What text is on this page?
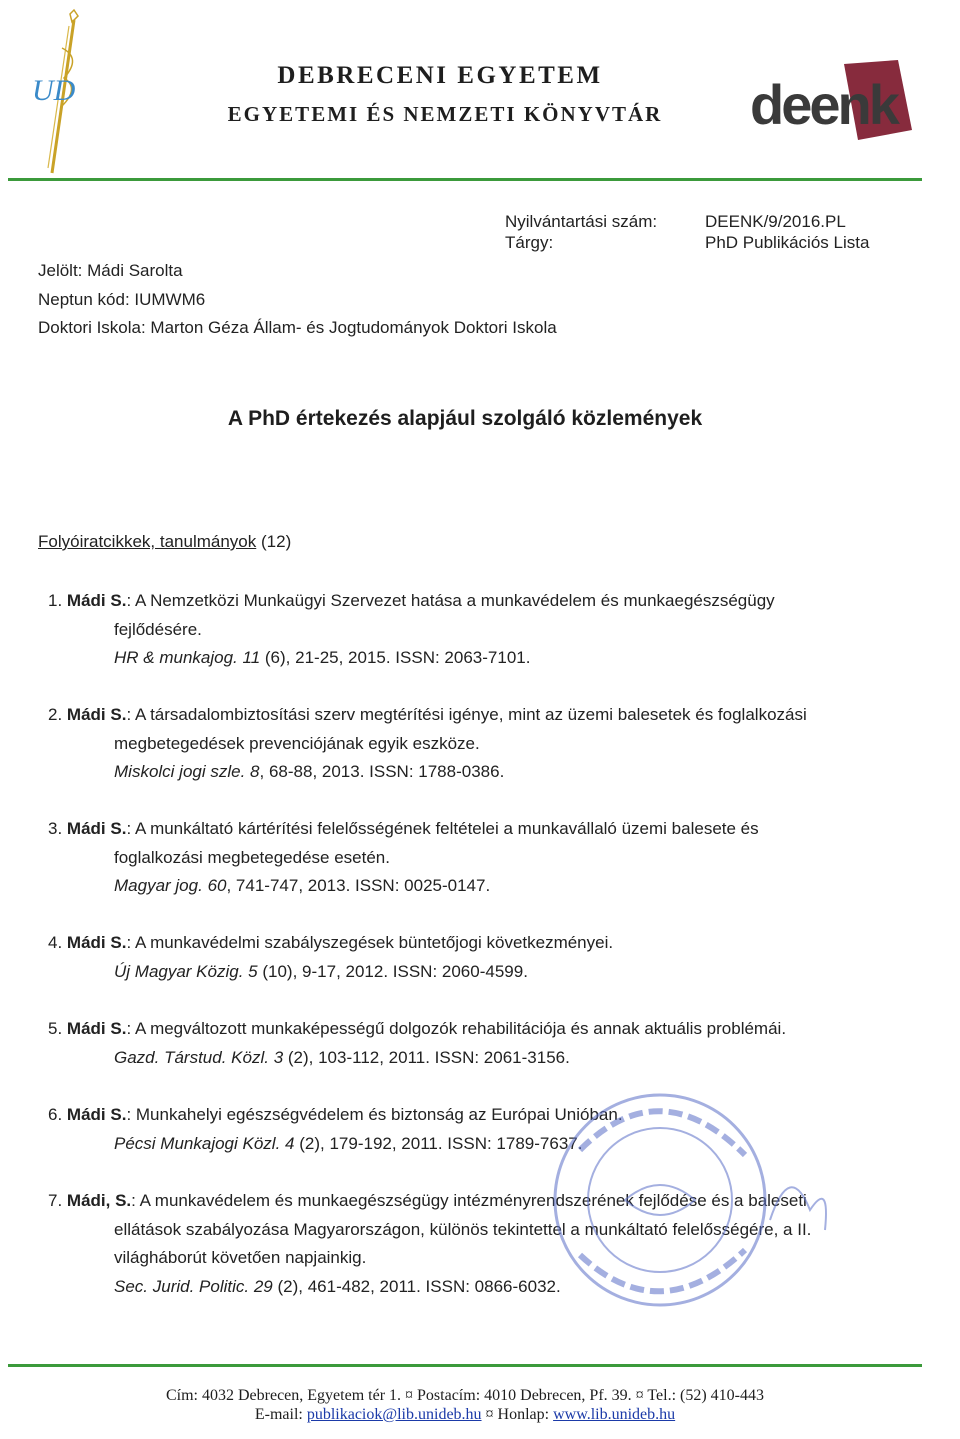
UD	DEBRECENI EGYETEM
EGYETEMI ÉS NEMZETI KÖNYVTÁR	deenk
Nyilvántartási szám:	DEENK/9/2016.PL
Tárgy:	PhD Publikációs Lista
Jelölt: Mádi Sarolta
Neptun kód: IUMWM6
Doktori Iskola: Marton Géza Állam- és Jogtudományok Doktori Iskola
A PhD értekezés alapjául szolgáló közlemények
Folyóiratcikkek, tanulmányok (12)
1. Mádi S.: A Nemzetközi Munkaügyi Szervezet hatása a munkavédelem és munkaegészségügy
fejlődésére.
HR & munkajog. 11 (6), 21-25, 2015. ISSN: 2063-7101.
2. Mádi S.: A társadalombiztosítási szerv megtérítési igénye, mint az üzemi balesetek és foglalkozási
megbetegedések prevenciójának egyik eszköze.
Miskolci jogi szle. 8, 68-88, 2013. ISSN: 1788-0386.
3. Mádi S.: A munkáltató kártérítési felelősségének feltételei a munkavállaló üzemi balesete és
foglalkozási megbetegedése esetén.
Magyar jog. 60, 741-747, 2013. ISSN: 0025-0147.
4. Mádi S.: A munkavédelmi szabályszegések büntetőjogi következményei.
Új Magyar Közig. 5 (10), 9-17, 2012. ISSN: 2060-4599.
5. Mádi S.: A megváltozott munkaképességű dolgozók rehabilitációja és annak aktuális problémái.
Gazd. Társtud. Közl. 3 (2), 103-112, 2011. ISSN: 2061-3156.
6. Mádi S.: Munkahelyi egészségvédelem és biztonság az Európai Unióban.
Pécsi Munkajogi Közl. 4 (2), 179-192, 2011. ISSN: 1789-7637.
7. Mádi, S.: A munkavédelem és munkaegészségügy intézményrendszerének fejlődése és a baleseti
ellátások szabályozása Magyarországon, különös tekintettel a munkáltató felelősségére, a II.
világháborút követően napjainkig.
Sec. Jurid. Politic. 29 (2), 461-482, 2011. ISSN: 0866-6032.
Cím: 4032 Debrecen, Egyetem tér 1. ¤ Postacím: 4010 Debrecen, Pf. 39. ¤ Tel.: (52) 410-443
E-mail: publikaciok@lib.unideb.hu ¤ Honlap: www.lib.unideb.hu
